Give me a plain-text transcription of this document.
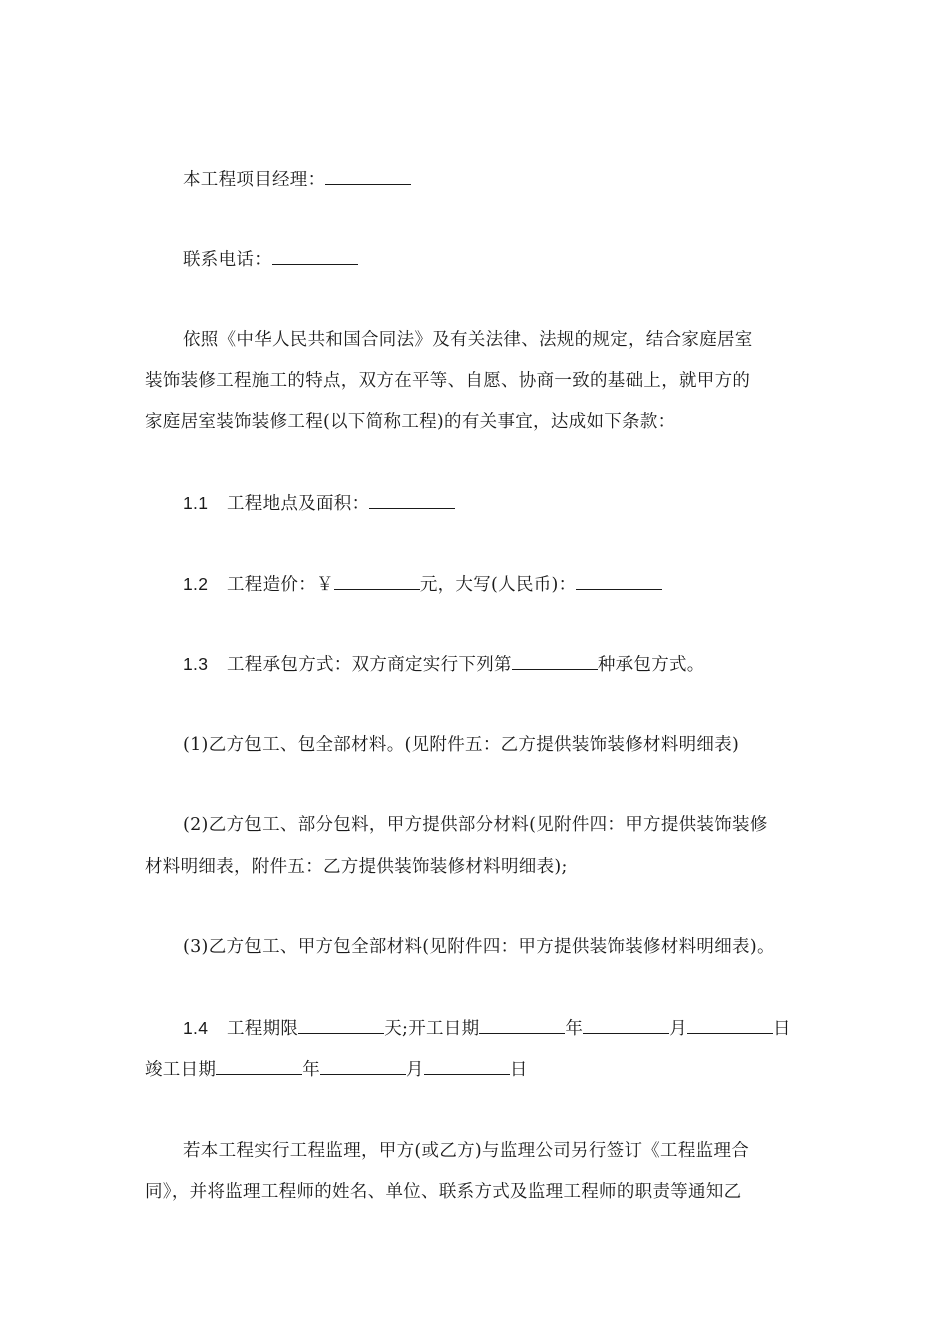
本工程项目经理：
联系电话：
依照《中华人民共和国合同法》及有关法律、法规的规定，结合家庭居室
装饰装修工程施工的特点，双方在平等、自愿、协商一致的基础上，就甲方的
家庭居室装饰装修工程(以下简称工程)的有关事宜，达成如下条款：
1.1 工程地点及面积：
1.2 工程造价：￥	元，大写(人民币)：
1.3 工程承包方式：双方商定实行下列第	种承包方式。
(1)乙方包工、包全部材料。(见附件五：乙方提供装饰装修材料明细表)
(2)乙方包工、部分包料，甲方提供部分材料(见附件四：甲方提供装饰装修
材料明细表，附件五：乙方提供装饰装修材料明细表);
(3)乙方包工、甲方包全部材料(见附件四：甲方提供装饰装修材料明细表)。
1.4 工程期限	天;开工日期	年	月	日
竣工日期	年	月	日
若本工程实行工程监理，甲方(或乙方)与监理公司另行签订《工程监理合
同》，并将监理工程师的姓名、单位、联系方式及监理工程师的职责等通知乙
